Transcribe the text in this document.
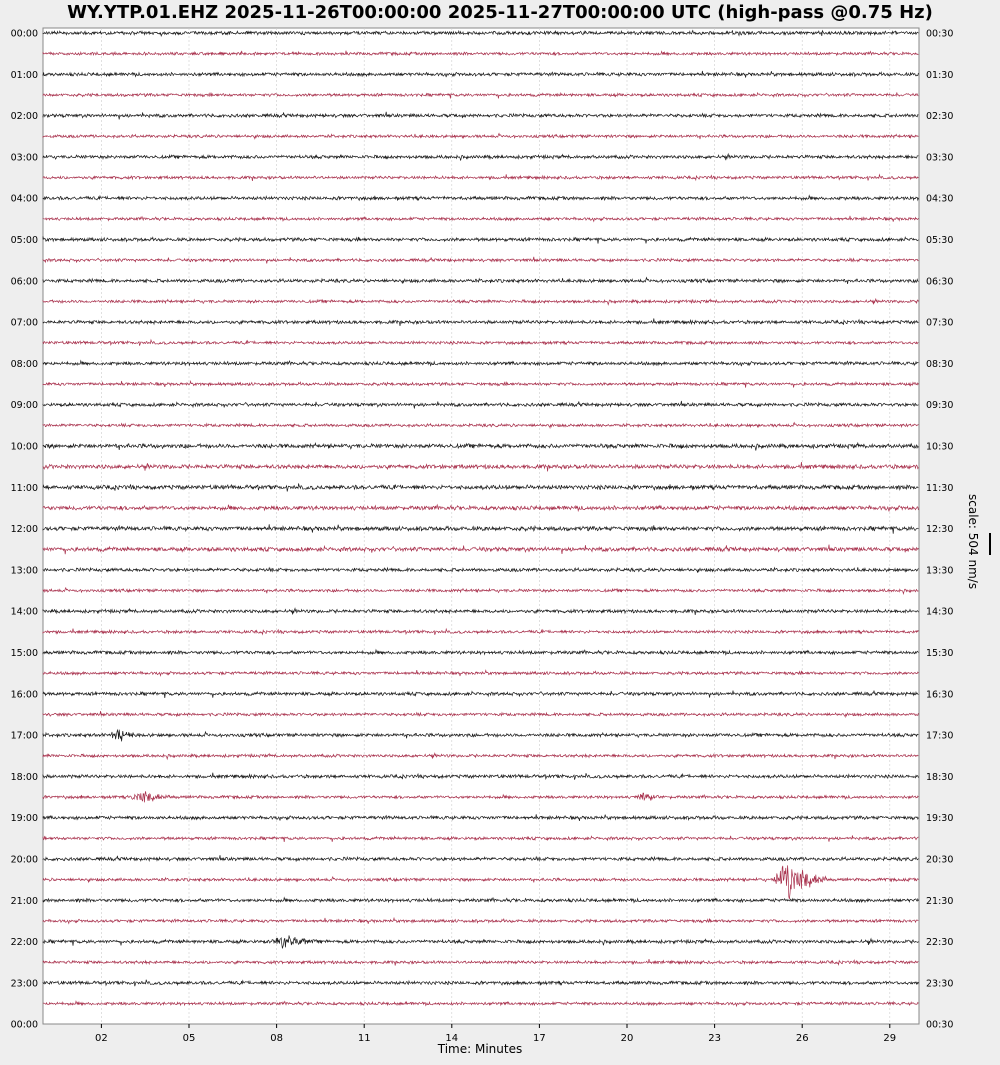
WY.YTP.01.EHZ 2025-11-26T00:00:00 2025-11-27T00:00:00 UTC (high-pass @0.75 Hz)
00:00
01:00
02:00
03:00
04:00
05:00
06:00
07:00
08:00
09:00
10:00
11:00
12:00
13:00
14:00
15:00
16:00
17:00
18:00
19:00
20:00
21:00
22:00
23:00
00:00
00:30
01:30
02:30
03:30
04:30
05:30
06:30
07:30
08:30
09:30
10:30
11:30
12:30
13:30
14:30
15:30
16:30
17:30
18:30
19:30
20:30
21:30
22:30
23:30
00:30
02	05	08	11	14	17	20	23	26	29
scale: 504 nm/s
Time: Minutes
